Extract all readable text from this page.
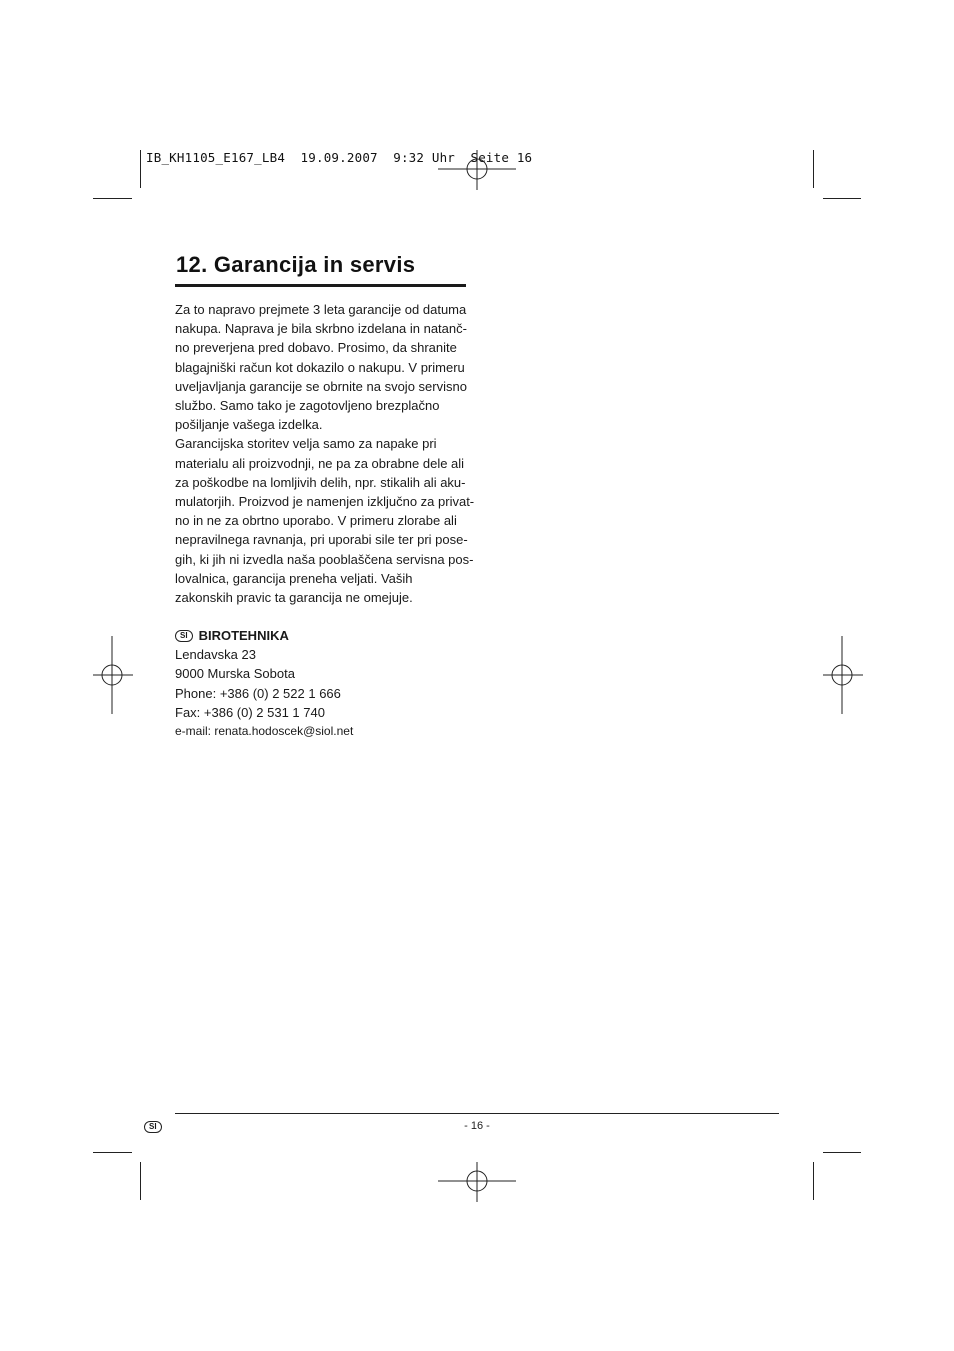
IB_KH1105_E167_LB4  19.09.2007  9:32 Uhr  Seite 16
12. Garancija in servis
Za to napravo prejmete 3 leta garancije od datuma
nakupa. Naprava je bila skrbno izdelana in natanč-
no preverjena pred dobavo. Prosimo, da shranite
blagajniški račun kot dokazilo o nakupu. V primeru
uveljavljanja garancije se obrnite na svojo servisno
službo. Samo tako je zagotovljeno brezplačno
pošiljanje vašega izdelka.
Garancijska storitev velja samo za napake pri
materialu ali proizvodnji, ne pa za obrabne dele ali
za poškodbe na lomljivih delih, npr. stikalih ali aku-
mulatorjih. Proizvod je namenjen izključno za privat-
no in ne za obrtno uporabo. V primeru zlorabe ali
nepravilnega ravnanja, pri uporabi sile ter pri pose-
gih, ki jih ni izvedla naša pooblaščena servisna pos-
lovalnica, garancija preneha veljati. Vaših
zakonskih pravic ta garancija ne omejuje.
SI BIROTEHNIKA
Lendavska 23
9000 Murska Sobota
Phone: +386 (0) 2 522 1 666
Fax: +386 (0) 2 531 1 740
e-mail: renata.hodoscek@siol.net
SI	- 16 -
